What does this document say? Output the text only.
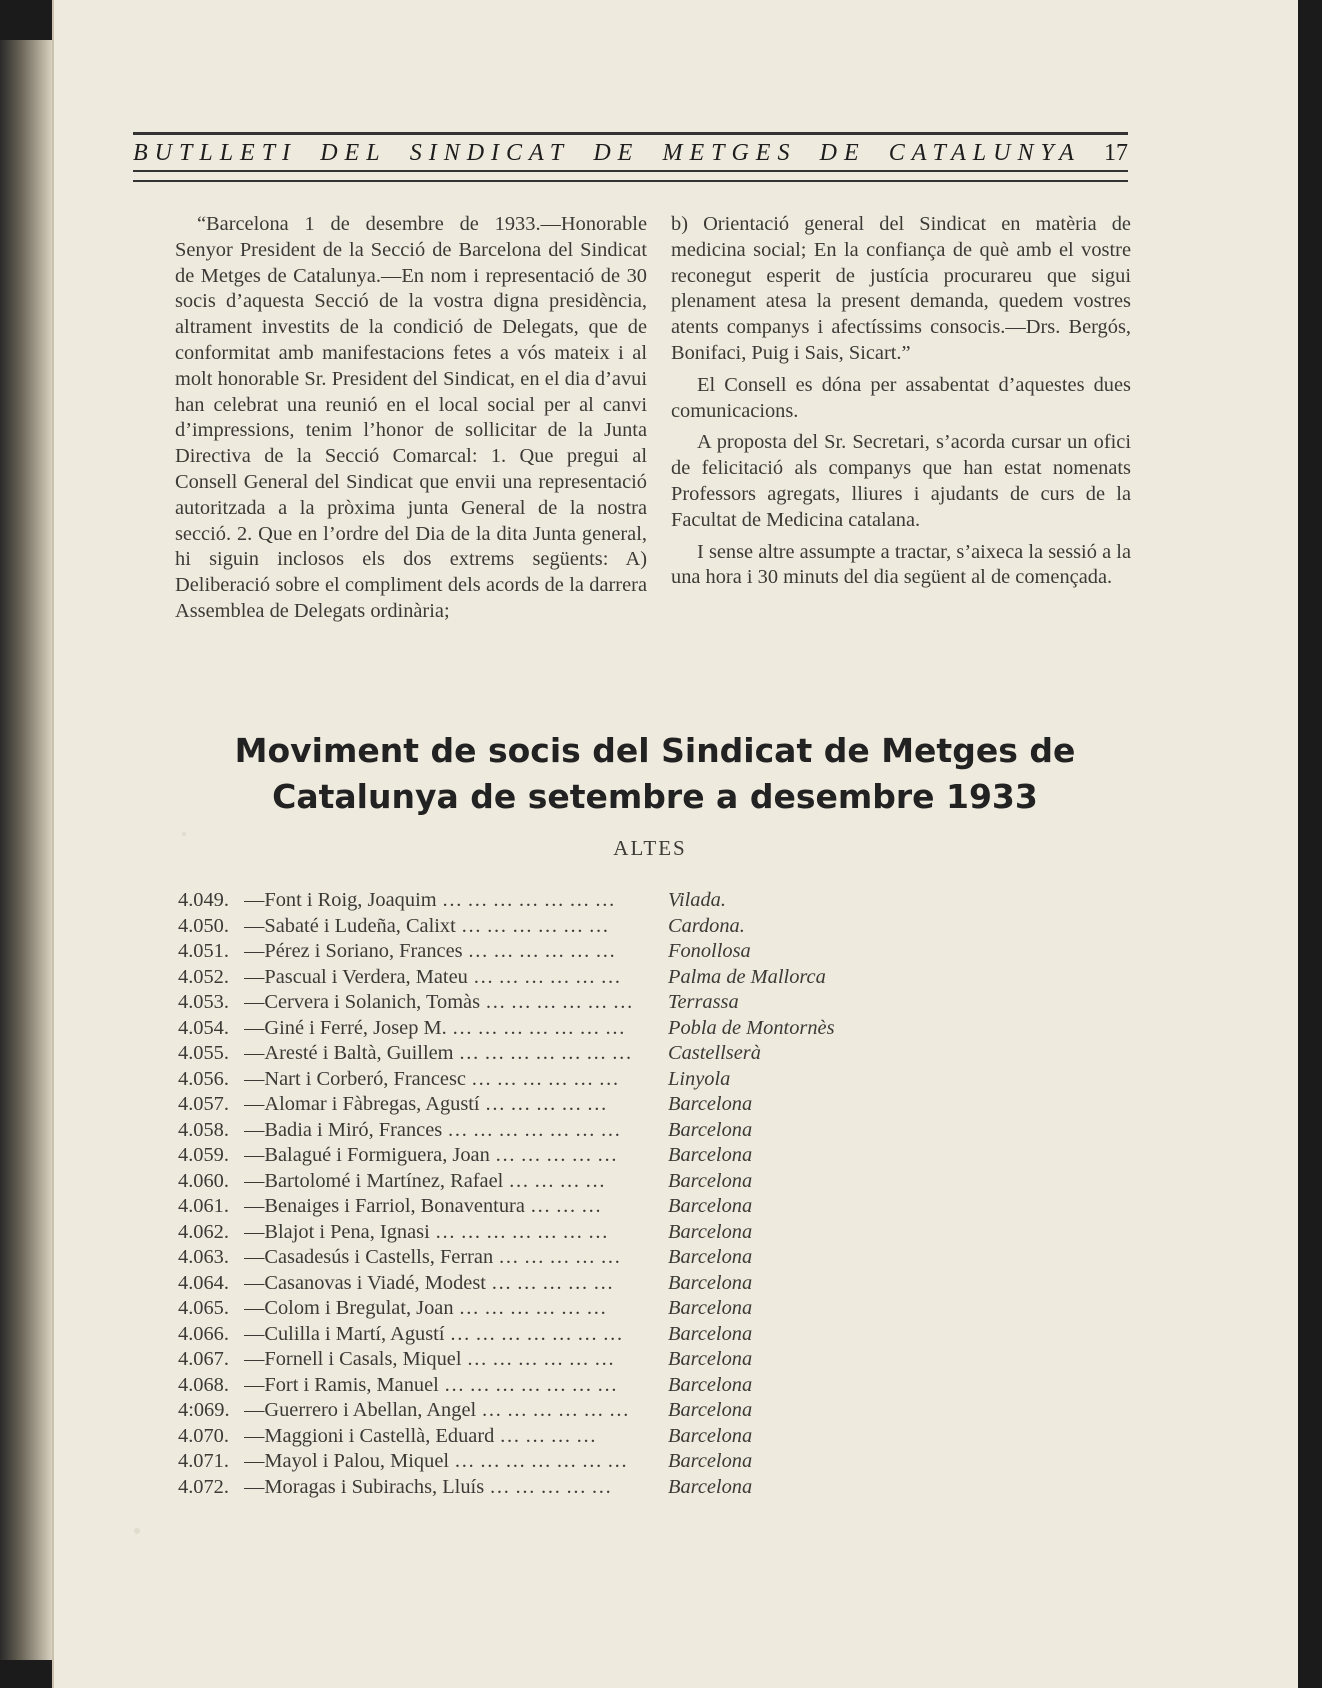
BUTLLETI DEL SINDICAT DE METGES DE CATALUNYA 17

“Barcelona 1 de desembre de 1933.—Honorable Senyor President de la Secció de Barcelona del Sindicat de Metges de Catalunya.—En nom i representació de 30 socis d’aquesta Secció de la vostra digna presidència, altrament investits de la condició de Delegats, que de conformitat amb manifestacions fetes a vós mateix i al molt honorable Sr. President del Sindicat, en el dia d’avui han celebrat una reunió en el local social per al canvi d’impressions, tenim l’honor de sollicitar de la Junta Directiva de la Secció Comarcal: 1. Que pregui al Consell General del Sindicat que envii una representació autoritzada a la pròxima junta General de la nostra secció. 2. Que en l’ordre del Dia de la dita Junta general, hi siguin inclosos els dos extrems següents: A) Deliberació sobre el compliment dels acords de la darrera Assemblea de Delegats ordinària;

b) Orientació general del Sindicat en matèria de medicina social; En la confiança de què amb el vostre reconegut esperit de justícia procurareu que sigui plenament atesa la present demanda, quedem vostres atents companys i afectíssims consocis.—Drs. Bergós, Bonifaci, Puig i Sais, Sicart.”

El Consell es dóna per assabentat d’aquestes dues comunicacions.

A proposta del Sr. Secretari, s’acorda cursar un ofici de felicitació als companys que han estat nomenats Professors agregats, lliures i ajudants de curs de la Facultat de Medicina catalana.

I sense altre assumpte a tractar, s’aixeca la sessió a la una hora i 30 minuts del dia següent al de començada.

Moviment de socis del Sindicat de Metges de Catalunya de setembre a desembre 1933
ALTES
4.049. —Font i Roig, Joaquim … … … … … … …	Vilada.
4.050. —Sabaté i Ludeña, Calixt … … … … … …	Cardona.
4.051. —Pérez i Soriano, Frances … … … … … …	Fonollosa
4.052. —Pascual i Verdera, Mateu … … … … … …	Palma de Mallorca
4.053. —Cervera i Solanich, Tomàs … … … … … …	Terrassa
4.054. —Giné i Ferré, Josep M. … … … … … … …	Pobla de Montornès
4.055. —Aresté i Baltà, Guillem … … … … … … …	Castellserà
4.056. —Nart i Corberó, Francesc … … … … … …	Linyola
4.057. —Alomar i Fàbregas, Agustí … … … … …	Barcelona
4.058. —Badia i Miró, Frances … … … … … … …	Barcelona
4.059. —Balagué i Formiguera, Joan … … … … …	Barcelona
4.060. —Bartolomé i Martínez, Rafael … … … …	Barcelona
4.061. —Benaiges i Farriol, Bonaventura … … …	Barcelona
4.062. —Blajot i Pena, Ignasi … … … … … … …	Barcelona
4.063. —Casadesús i Castells, Ferran … … … … …	Barcelona
4.064. —Casanovas i Viadé, Modest … … … … …	Barcelona
4.065. —Colom i Bregulat, Joan … … … … … …	Barcelona
4.066. —Culilla i Martí, Agustí … … … … … … …	Barcelona
4.067. —Fornell i Casals, Miquel … … … … … …	Barcelona
4.068. —Fort i Ramis, Manuel … … … … … … …	Barcelona
4:069. —Guerrero i Abellan, Angel … … … … … …	Barcelona
4.070. —Maggioni i Castellà, Eduard … … … …	Barcelona
4.071. —Mayol i Palou, Miquel … … … … … … …	Barcelona
4.072. —Moragas i Subirachs, Lluís … … … … …	Barcelona
